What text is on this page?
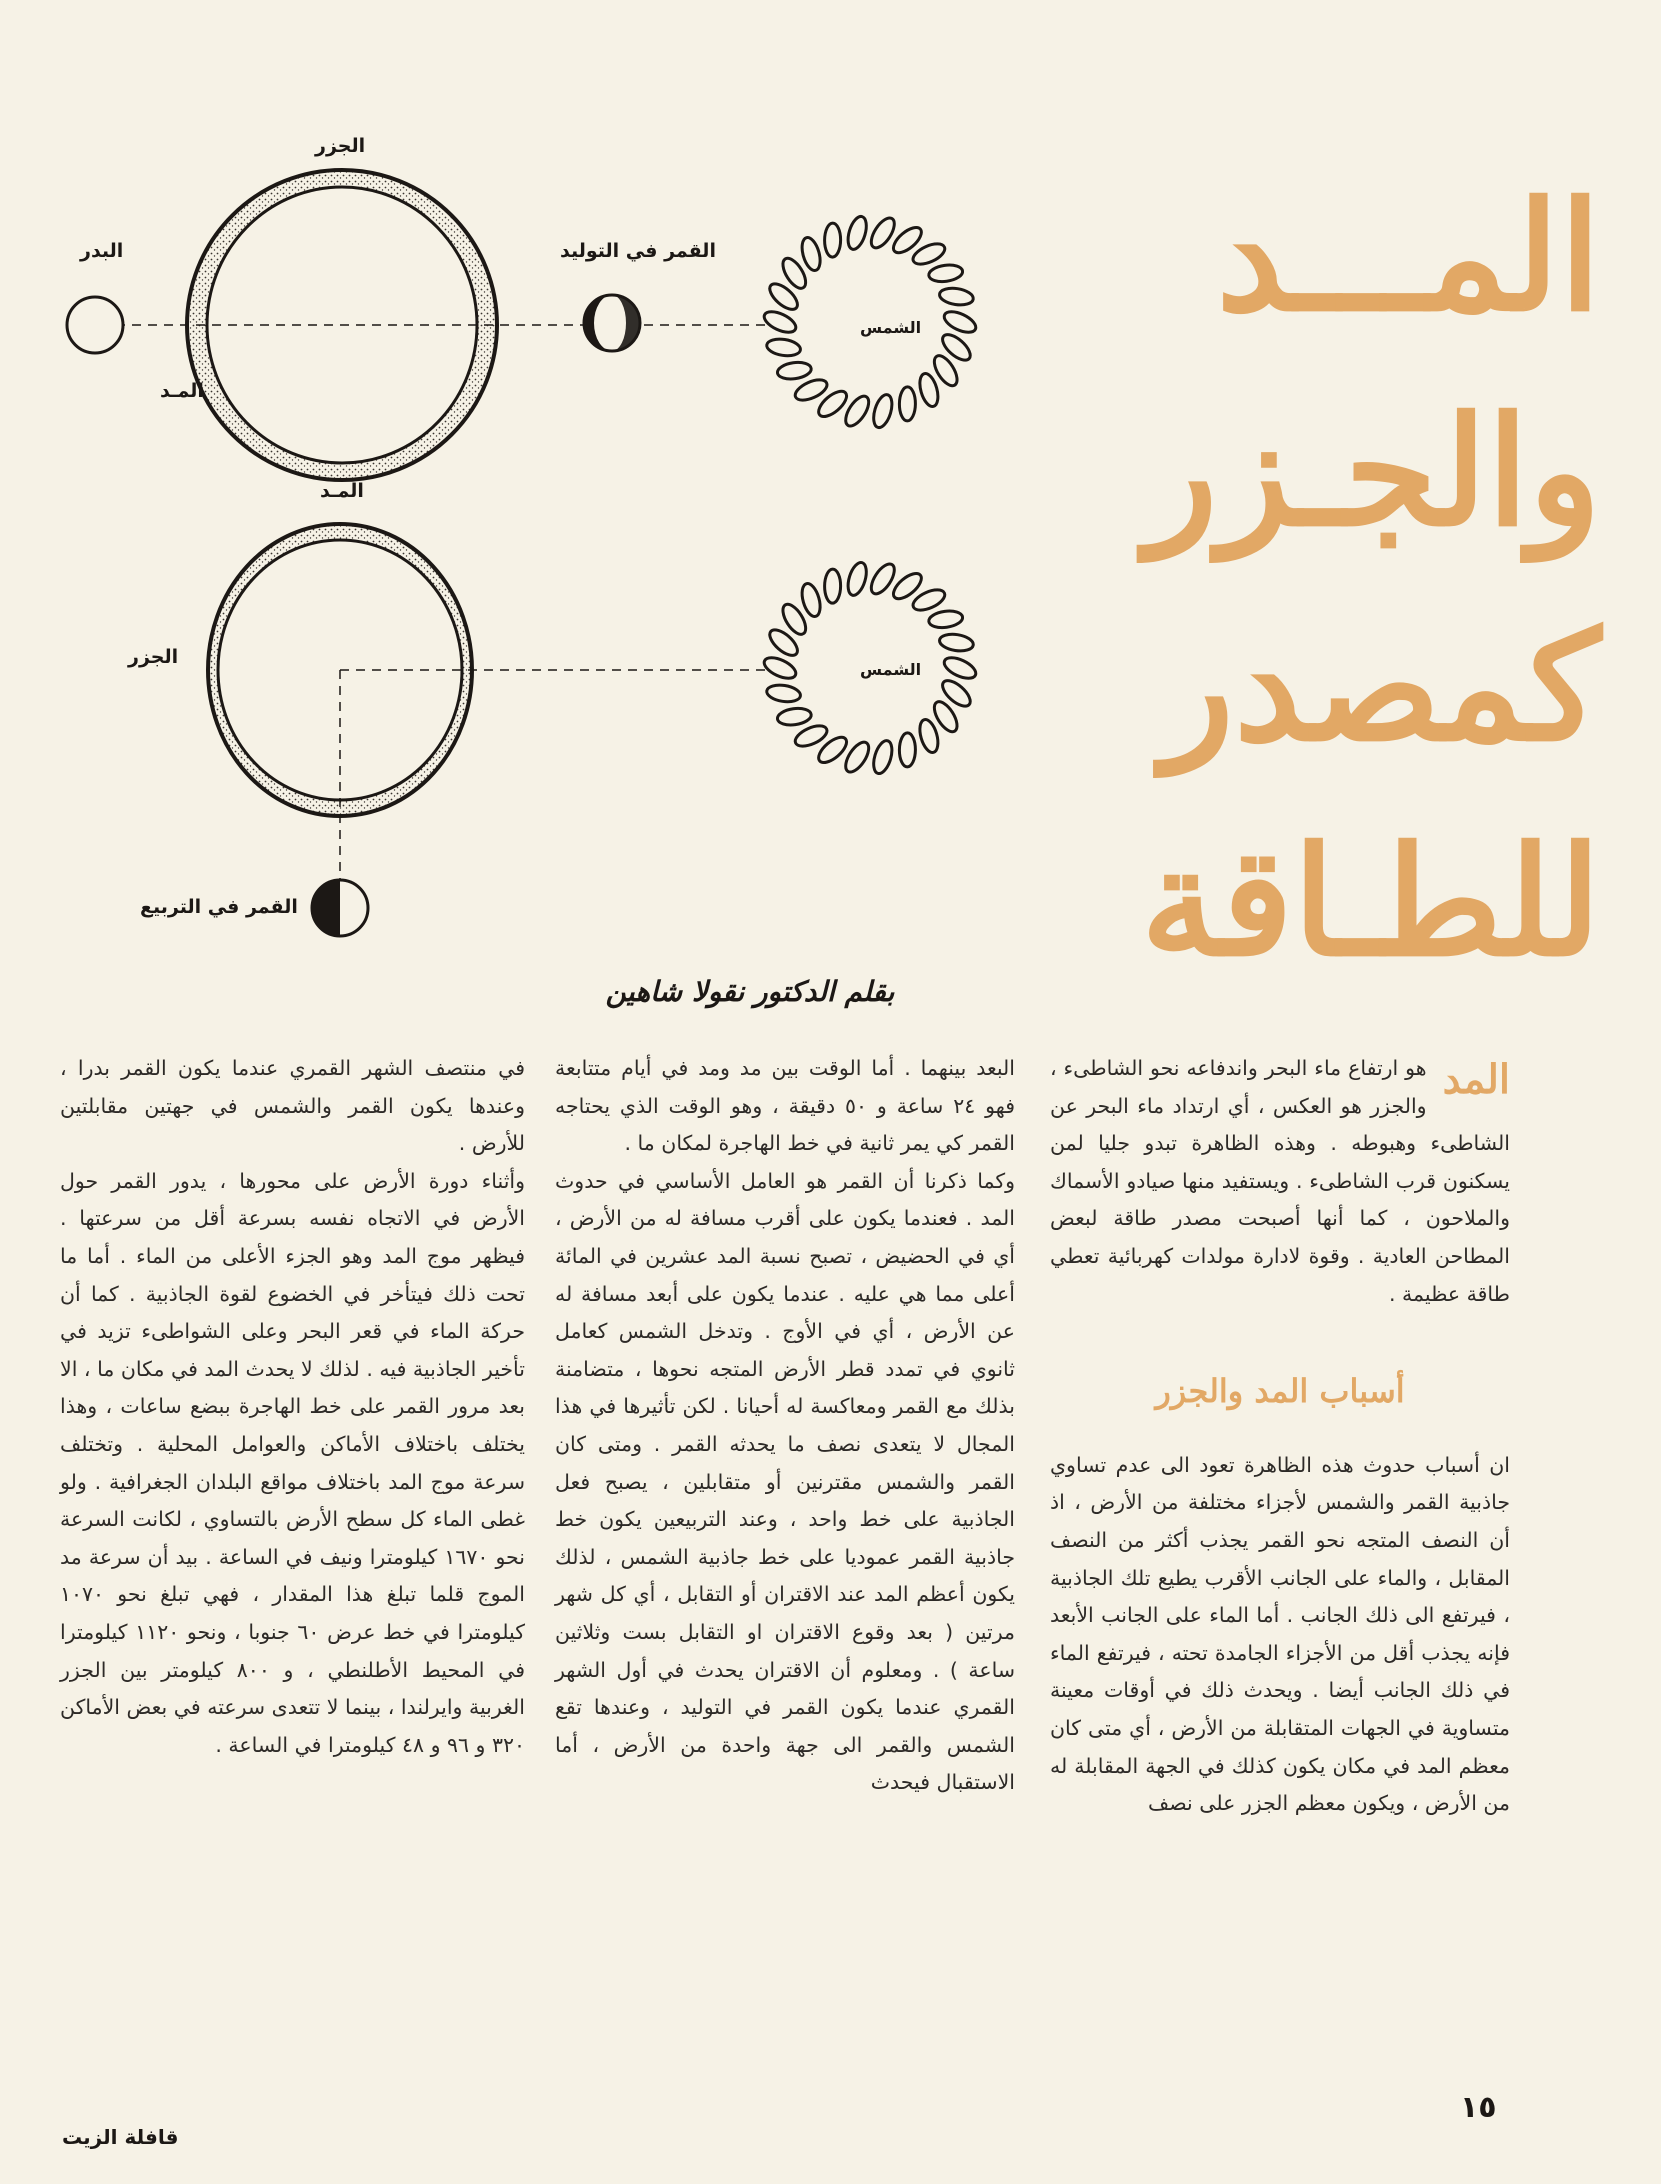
الجزر
البدر
المـد
القمر في التوليد
الشمس
المـد
الجزر
الشمس
القمر في التربيع
المـــد
والجـزر
كمصدر
للطـاقة
بقلم الدكتور نقولا شاهين

المد
هو ارتفاع ماء البحر واندفاعه نحو الشاطىء ، والجزر هو العكس ، أي ارتداد ماء البحر عن الشاطىء وهبوطه . وهذه الظاهرة تبدو جليا لمن يسكنون قرب الشاطىء . ويستفيد منها صيادو الأسماك والملاحون ، كما أنها أصبحت مصدر طاقة لبعض المطاحن العادية . وقوة لادارة مولدات كهربائية تعطي طاقة عظيمة .

أسباب المد والجزر

ان أسباب حدوث هذه الظاهرة تعود الى عدم تساوي جاذبية القمر والشمس لأجزاء مختلفة من الأرض ، اذ أن النصف المتجه نحو القمر يجذب أكثر من النصف المقابل ، والماء على الجانب الأقرب يطيع تلك الجاذبية ، فيرتفع الى ذلك الجانب . أما الماء على الجانب الأبعد فإنه يجذب أقل من الأجزاء الجامدة تحته ، فيرتفع الماء في ذلك الجانب أيضا . ويحدث ذلك في أوقات معينة متساوية في الجهات المتقابلة من الأرض ، أي متى كان معظم المد في مكان يكون كذلك في الجهة المقابلة له من الأرض ، ويكون معظم الجزر على نصف

البعد بينهما . أما الوقت بين مد ومد في أيام متتابعة فهو ٢٤ ساعة و ٥٠ دقيقة ، وهو الوقت الذي يحتاجه القمر كي يمر ثانية في خط الهاجرة لمكان ما .

وكما ذكرنا أن القمر هو العامل الأساسي في حدوث المد . فعندما يكون على أقرب مسافة له من الأرض ، أي في الحضيض ، تصبح نسبة المد عشرين في المائة أعلى مما هي عليه . عندما يكون على أبعد مسافة له عن الأرض ، أي في الأوج . وتدخل الشمس كعامل ثانوي في تمدد قطر الأرض المتجه نحوها ، متضامنة بذلك مع القمر ومعاكسة له أحيانا . لكن تأثيرها في هذا المجال لا يتعدى نصف ما يحدثه القمر . ومتى كان القمر والشمس مقترنين أو متقابلين ، يصبح فعل الجاذبية على خط واحد ، وعند التربيعين يكون خط جاذبية القمر عموديا على خط جاذبية الشمس ، لذلك يكون أعظم المد عند الاقتران أو التقابل ، أي كل شهر مرتين ( بعد وقوع الاقتران او التقابل بست وثلاثين ساعة ) . ومعلوم أن الاقتران يحدث في أول الشهر القمري عندما يكون القمر في التوليد ، وعندها تقع الشمس والقمر الى جهة واحدة من الأرض ، أما الاستقبال فيحدث

في منتصف الشهر القمري عندما يكون القمر بدرا ، وعندها يكون القمر والشمس في جهتين مقابلتين للأرض .

وأثناء دورة الأرض على محورها ، يدور القمر حول الأرض في الاتجاه نفسه بسرعة أقل من سرعتها . فيظهر موج المد وهو الجزء الأعلى من الماء . أما ما تحت ذلك فيتأخر في الخضوع لقوة الجاذبية . كما أن حركة الماء في قعر البحر وعلى الشواطىء تزيد في تأخير الجاذبية فيه . لذلك لا يحدث المد في مكان ما ، الا بعد مرور القمر على خط الهاجرة ببضع ساعات ، وهذا يختلف باختلاف الأماكن والعوامل المحلية . وتختلف سرعة موج المد باختلاف مواقع البلدان الجغرافية . ولو غطى الماء كل سطح الأرض بالتساوي ، لكانت السرعة نحو ١٦٧٠ كيلومترا ونيف في الساعة . بيد أن سرعة مد الموج قلما تبلغ هذا المقدار ، فهي تبلغ نحو ١٠٧٠ كيلومترا في خط عرض ٦٠ جنوبا ، ونحو ١١٢٠ كيلومترا في المحيط الأطلنطي ، و ٨٠٠ كيلومتر بين الجزر الغربية وايرلندا ، بينما لا تتعدى سرعته في بعض الأماكن ٣٢٠ و ٩٦ و ٤٨ كيلومترا في الساعة .

١٥
قافلة الزيت
